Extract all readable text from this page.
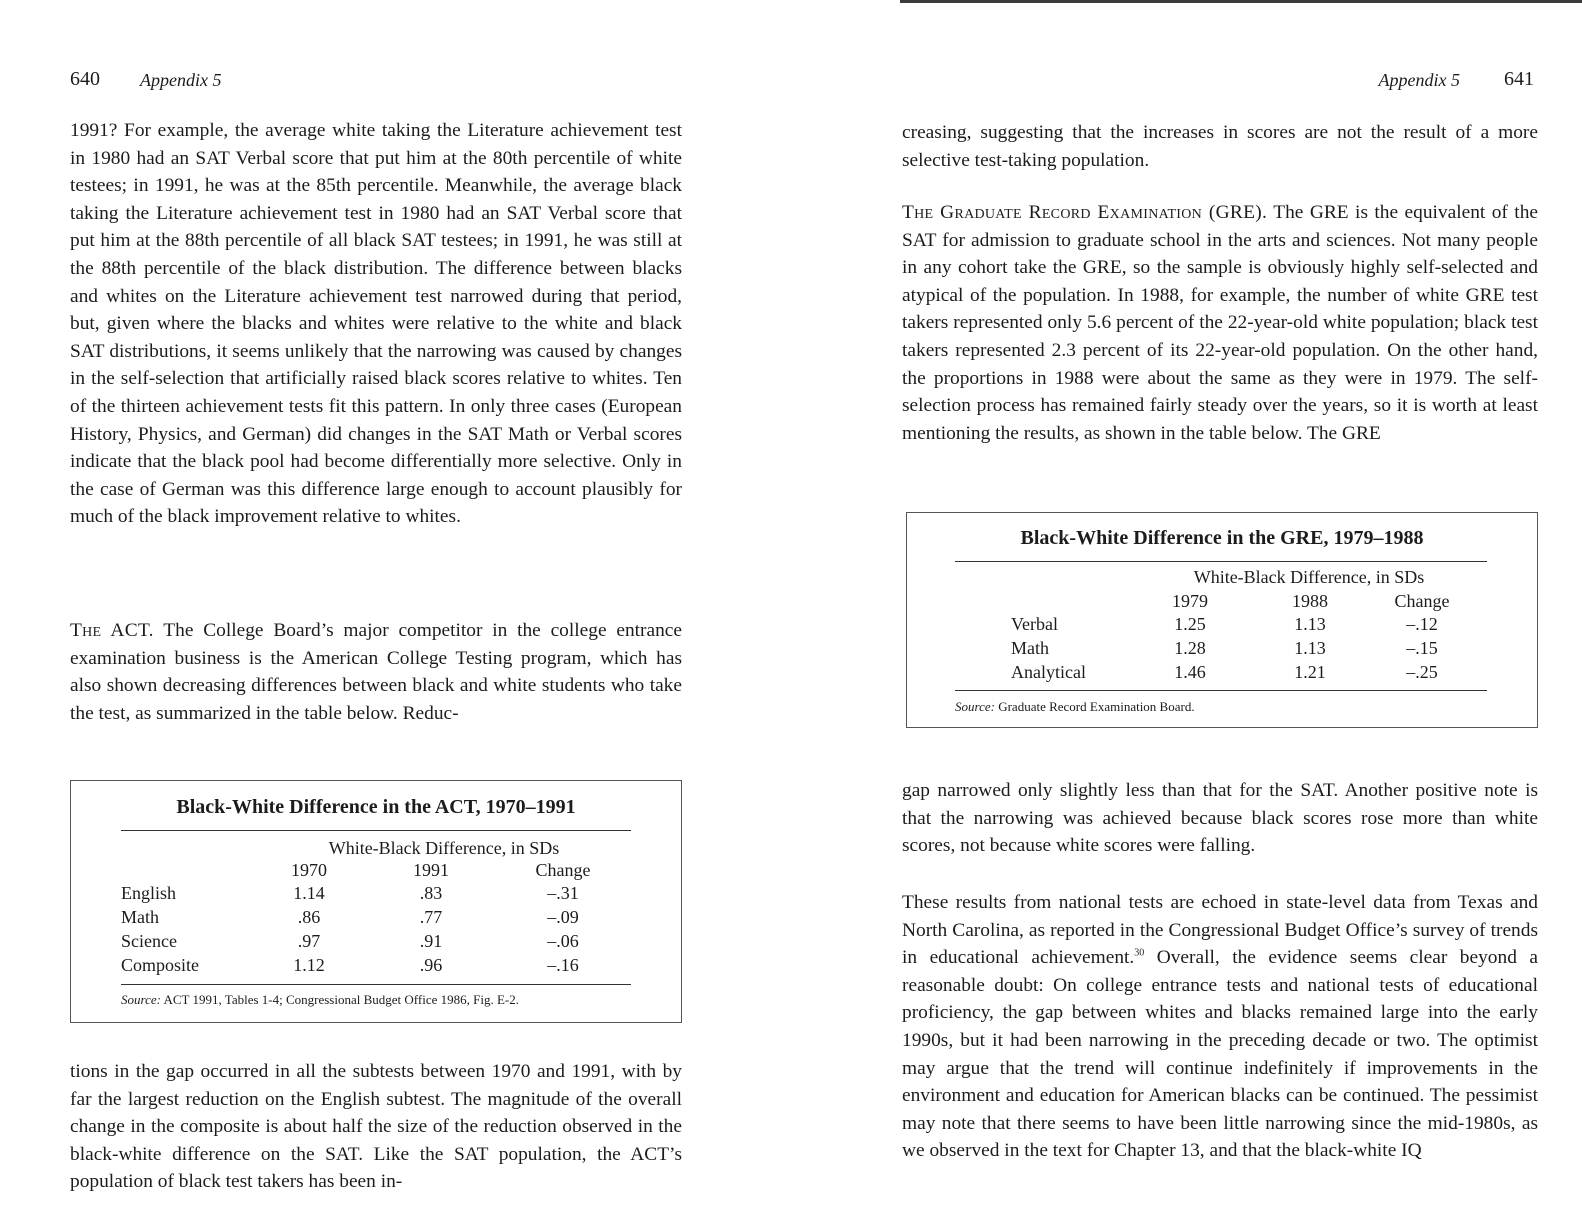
640 Appendix 5

1991? For example, the average white taking the Literature achievement test in 1980 had an SAT Verbal score that put him at the 80th percentile of white testees; in 1991, he was at the 85th percentile. Meanwhile, the average black taking the Literature achievement test in 1980 had an SAT Verbal score that put him at the 88th percentile of all black SAT testees; in 1991, he was still at the 88th percentile of the black distribution. The difference between blacks and whites on the Literature achievement test narrowed during that period, but, given where the blacks and whites were relative to the white and black SAT distributions, it seems unlikely that the narrowing was caused by changes in the self-selection that artificially raised black scores relative to whites. Ten of the thirteen achievement tests fit this pattern. In only three cases (European History, Physics, and German) did changes in the SAT Math or Verbal scores indicate that the black pool had become differentially more selective. Only in the case of German was this difference large enough to account plausibly for much of the black improvement relative to whites.

The ACT. The College Board’s major competitor in the college entrance examination business is the American College Testing program, which has also shown decreasing differences between black and white students who take the test, as summarized in the table below. Reduc-

Black-White Difference in the ACT, 1970–1991
White-Black Difference, in SDs
1970	1991	Change
English	1.14	.83	–.31
Math	.86	.77	–.09
Science	.97	.91	–.06
Composite	1.12	.96	–.16
Source: ACT 1991, Tables 1-4; Congressional Budget Office 1986, Fig. E-2.

tions in the gap occurred in all the subtests between 1970 and 1991, with by far the largest reduction on the English subtest. The magnitude of the overall change in the composite is about half the size of the reduction observed in the black-white difference on the SAT. Like the SAT population, the ACT’s population of black test takers has been in-

Appendix 5 641

creasing, suggesting that the increases in scores are not the result of a more selective test-taking population.

The Graduate Record Examination (GRE). The GRE is the equivalent of the SAT for admission to graduate school in the arts and sciences. Not many people in any cohort take the GRE, so the sample is obviously highly self-selected and atypical of the population. In 1988, for example, the number of white GRE test takers represented only 5.6 percent of the 22-year-old white population; black test takers represented 2.3 percent of its 22-year-old population. On the other hand, the proportions in 1988 were about the same as they were in 1979. The self-selection process has remained fairly steady over the years, so it is worth at least mentioning the results, as shown in the table below. The GRE

Black-White Difference in the GRE, 1979–1988
White-Black Difference, in SDs
1979	1988	Change
Verbal	1.25	1.13	–.12
Math	1.28	1.13	–.15
Analytical	1.46	1.21	–.25
Source: Graduate Record Examination Board.

gap narrowed only slightly less than that for the SAT. Another positive note is that the narrowing was achieved because black scores rose more than white scores, not because white scores were falling.

These results from national tests are echoed in state-level data from Texas and North Carolina, as reported in the Congressional Budget Office’s survey of trends in educational achievement.$^{30}$ Overall, the evidence seems clear beyond a reasonable doubt: On college entrance tests and national tests of educational proficiency, the gap between whites and blacks remained large into the early 1990s, but it had been narrowing in the preceding decade or two. The optimist may argue that the trend will continue indefinitely if improvements in the environment and education for American blacks can be continued. The pessimist may note that there seems to have been little narrowing since the mid-1980s, as we observed in the text for Chapter 13, and that the black-white IQ
